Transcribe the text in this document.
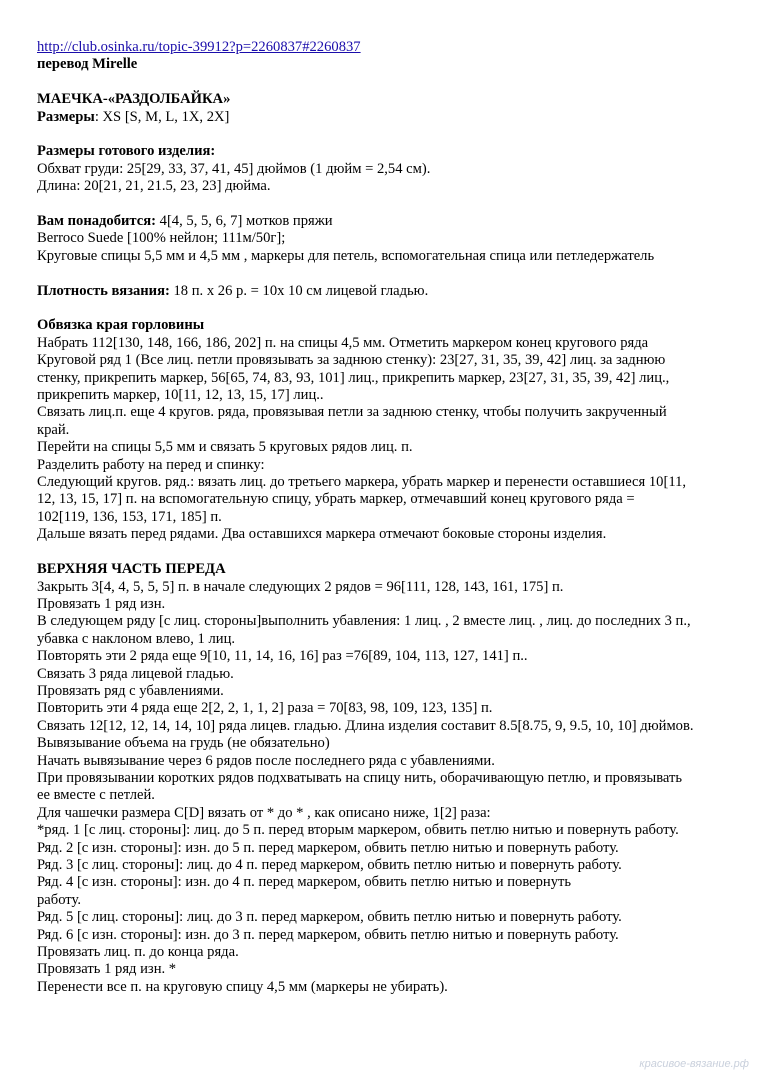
http://club.osinka.ru/topic-39912?p=2260837#2260837
перевод Mirelle
МАЕЧКА-«РАЗДОЛБАЙКА»
Размеры: XS [S, M, L, 1X, 2X]
Размеры готового изделия:
Обхват груди: 25[29, 33, 37, 41, 45] дюймов (1 дюйм = 2,54 см).
Длина: 20[21, 21, 21.5, 23, 23] дюйма.
Вам понадобится: 4[4, 5, 5, 6, 7] мотков пряжи
Berroco Suede [100% нейлон; 111м/50г];
Круговые спицы 5,5 мм и 4,5 мм , маркеры для петель, вспомогательная спица или петледержатель
Плотность вязания: 18 п. х 26 р. = 10х 10 см лицевой гладью.
Обвязка края горловины
Набрать 112[130, 148, 166, 186, 202] п. на спицы 4,5 мм. Отметить маркером конец кругового ряда
Круговой ряд 1 (Все лиц. петли провязывать за заднюю стенку): 23[27, 31, 35, 39, 42] лиц. за заднюю
стенку, прикрепить маркер, 56[65, 74, 83, 93, 101] лиц., прикрепить маркер, 23[27, 31, 35, 39, 42] лиц.,
прикрепить маркер, 10[11, 12, 13, 15, 17] лиц..
Связать лиц.п. еще 4 кругов. ряда, провязывая петли за заднюю стенку, чтобы получить закрученный
край.
Перейти на спицы 5,5 мм и связать 5 круговых рядов лиц. п.
Разделить работу на перед и спинку:
Следующий кругов. ряд.: вязать лиц. до третьего маркера, убрать маркер и перенести оставшиеся 10[11,
12, 13, 15, 17] п. на вспомогательную спицу, убрать маркер, отмечавший конец кругового ряда =
102[119, 136, 153, 171, 185] п.
Дальше вязать перед рядами. Два оставшихся маркера отмечают боковые стороны изделия.
ВЕРХНЯЯ ЧАСТЬ ПЕРЕДА
Закрыть 3[4, 4, 5, 5, 5] п. в начале следующих 2 рядов = 96[111, 128, 143, 161, 175] п.
Провязать 1 ряд изн.
В следующем ряду [с лиц. стороны]выполнить убавления: 1 лиц. , 2 вместе лиц. , лиц. до последних 3 п.,
убавка с наклоном влево, 1 лиц.
Повторять эти 2 ряда еще 9[10, 11, 14, 16, 16] раз =76[89, 104, 113, 127, 141] п..
Связать 3 ряда лицевой гладью.
Провязать ряд с убавлениями.
Повторить эти 4 ряда еще 2[2, 2, 1, 1, 2] раза = 70[83, 98, 109, 123, 135] п.
Связать 12[12, 12, 14, 14, 10] ряда лицев. гладью. Длина изделия составит 8.5[8.75, 9, 9.5, 10, 10] дюймов.
Вывязывание объема на грудь (не обязательно)
Начать вывязывание через 6 рядов после последнего ряда с убавлениями.
При провязывании коротких рядов подхватывать на спицу нить, оборачивающую петлю, и провязывать
ее вместе с петлей.
Для чашечки размера С[D] вязать от * до * , как описано ниже, 1[2] раза:
*ряд. 1 [с лиц. стороны]: лиц. до 5 п. перед вторым маркером, обвить петлю нитью и повернуть работу.
Ряд. 2 [с изн. стороны]: изн. до 5 п. перед маркером, обвить петлю нитью и повернуть работу.
Ряд. 3 [с лиц. стороны]: лиц. до 4 п. перед маркером, обвить петлю нитью и повернуть работу.
Ряд. 4 [с изн. стороны]: изн. до 4 п. перед маркером, обвить петлю нитью и повернуть
работу.
Ряд. 5 [с лиц. стороны]: лиц. до 3 п. перед маркером, обвить петлю нитью и повернуть работу.
Ряд. 6 [с изн. стороны]: изн. до 3 п. перед маркером, обвить петлю нитью и повернуть работу.
Провязать лиц. п. до конца ряда.
Провязать 1 ряд изн. *
Перенести все п. на круговую спицу 4,5 мм (маркеры не убирать).
красивое-вязание.рф
